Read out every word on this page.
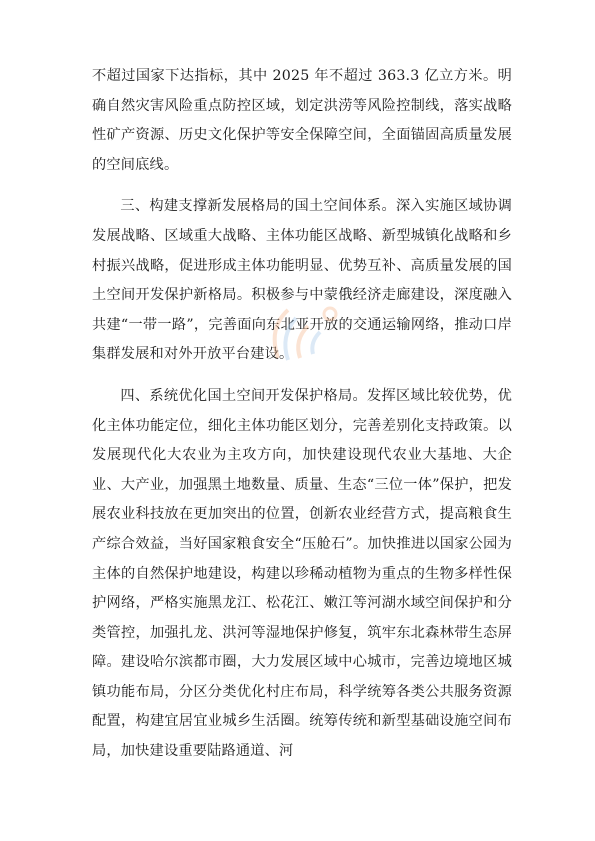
不超过国家下达指标，其中 2025 年不超过 363.3 亿立方米。明确自然灾害风险重点防控区域，划定洪涝等风险控制线，落实战略性矿产资源、历史文化保护等安全保障空间，全面锚固高质量发展的空间底线。

三、构建支撑新发展格局的国土空间体系。深入实施区域协调发展战略、区域重大战略、主体功能区战略、新型城镇化战略和乡村振兴战略，促进形成主体功能明显、优势互补、高质量发展的国土空间开发保护新格局。积极参与中蒙俄经济走廊建设，深度融入共建“一带一路”，完善面向东北亚开放的交通运输网络，推动口岸集群发展和对外开放平台建设。

四、系统优化国土空间开发保护格局。发挥区域比较优势，优化主体功能定位，细化主体功能区划分，完善差别化支持政策。以发展现代化大农业为主攻方向，加快建设现代农业大基地、大企业、大产业，加强黑土地数量、质量、生态“三位一体”保护，把发展农业科技放在更加突出的位置，创新农业经营方式，提高粮食生产综合效益，当好国家粮食安全“压舱石”。加快推进以国家公园为主体的自然保护地建设，构建以珍稀动植物为重点的生物多样性保护网络，严格实施黑龙江、松花江、嫩江等河湖水域空间保护和分类管控，加强扎龙、洪河等湿地保护修复，筑牢东北森林带生态屏障。建设哈尔滨都市圈，大力发展区域中心城市，完善边境地区城镇功能布局，分区分类优化村庄布局，科学统筹各类公共服务资源配置，构建宜居宜业城乡生活圈。统筹传统和新型基础设施空间布局，加快建设重要陆路通道、河
